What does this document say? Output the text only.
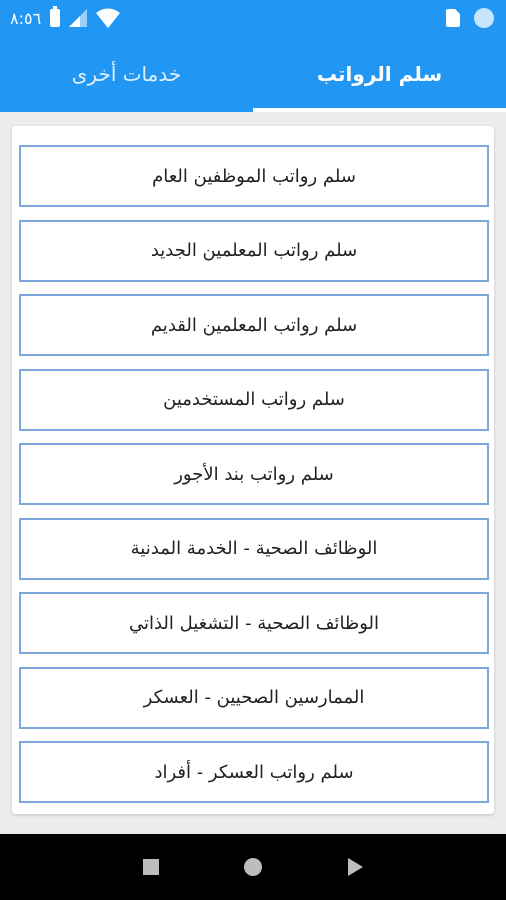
٨:٥٦
خدمات أخرى	سلم الرواتب
سلم رواتب الموظفين العام
سلم رواتب المعلمين الجديد
سلم رواتب المعلمين القديم
سلم رواتب المستخدمين
سلم رواتب بند الأجور
الوظائف الصحية - الخدمة المدنية
الوظائف الصحية - التشغيل الذاتي
الممارسين الصحيين - العسكر
سلم رواتب العسكر - أفراد
